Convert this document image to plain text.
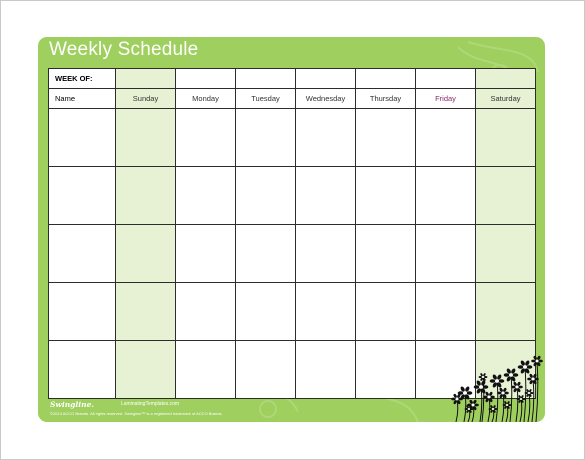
Weekly Schedule
WEEK OF:							
Name	Sunday	Monday	Tuesday	Wednesday	Thursday	Friday	Saturday

Swingline.	LaminatingTemplates.com
©2013 ACCO Brands. All rights reserved. Swingline™ is a registered trademark of ACCO Brands.
